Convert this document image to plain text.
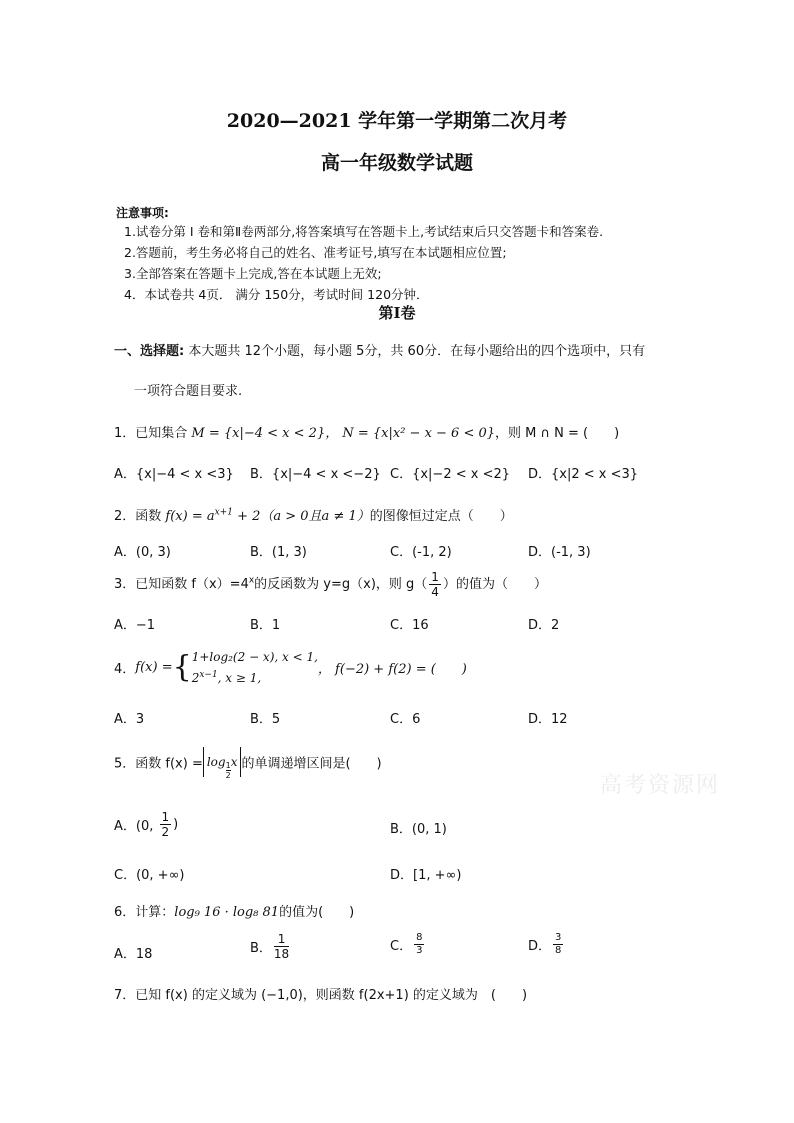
2020—2021 学年第一学期第二次月考
高一年级数学试题
注意事项:
1.试卷分第 I 卷和第Ⅱ卷两部分,将答案填写在答题卡上,考试结束后只交答题卡和答案卷.
2.答题前，考生务必将自己的姓名、准考证号,填写在本试题相应位置;
3.全部答案在答题卡上完成,答在本试题上无效;
4．本试卷共 4页． 满分 150分，考试时间 120分钟．
第Ⅰ卷
一、选择题: 本大题共 12个小题，每小题 5分，共 60分．在每小题给出的四个选项中，只有
一项符合题目要求.
1．已知集合 M = {x|−4 < x < 2}， N = {x|x² − x − 6 < 0}，则 M ∩ N = (　　)
A．{x|−4 < x <3} B．{x|−4 < x <−2} C．{x|−2 < x <2} D．{x|2 < x <3}
2．函数 $f(x) = a^{x+1} + 2(a > 0$且a ≠ 1）的图像恒过定点（　　）
A．(0, 3)	B．(1, 3)	C．(-1, 2)	D．(-1, 3)
3．已知函数 $f(x)=4^x$的反函数为 y=g（x)，则 $g( \frac{1}{4}$ ）的值为（　　）
A．−1	B．1	C．16	D．2
4．f(x) ={ 1+log₂(2 − x), x < 1,
$2^{x-1}$, x ≥ 1,
， f(−2) + f(2) = (　　)
A．3	B．5	C．6	D．12
5．函数 $f(x) = \log \frac{1}{2}$ x 的单调递增区间是(　　)
A．(0, $\frac{1}{2}$ )	B．(0, 1)
C．(0, +∞)	D．[1, +∞)
6．计算：log₉ 16 · log₈ 81的值为(　　)
A．18	B． $\frac{1}{18}$	C． $\frac{8}{3}$	D． $\frac{3}{8}$
7．已知 f(x) 的定义域为 (−1,0)，则函数 f(2x+1) 的定义域为　(　　)
高考资源网
